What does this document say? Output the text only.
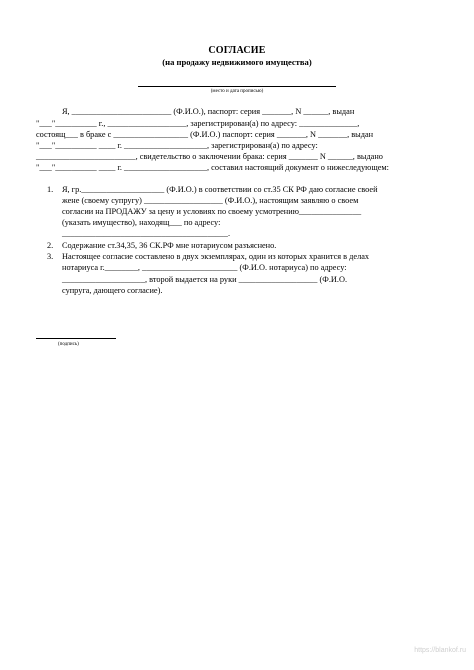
СОГЛАСИЕ
(на продажу недвижимого имущества)
(место и дата прописью)
Я, ________________________ (Ф.И.О.), паспорт: серия _______, N ______, выдан
"___"__________ г., ___________________, зарегистрирован(а) по адресу: ______________,
состоящ___ в браке с __________________ (Ф.И.О.) паспорт: серия _______, N _______, выдан
"___"__________ ____ г. ____________________, зарегистрирован(а) по адресу:
________________________, свидетельство о заключении брака: серия _______ N ______, выдано
"___"__________ ____ г. ____________________, составил настоящий документ о нижеследующем:
1. Я, гр.____________________ (Ф.И.О.) в соответствии со ст.35 СК РФ даю согласие своей
жене (своему супругу) ___________________ (Ф.И.О.), настоящим заявляю о своем
согласии на ПРОДАЖУ за цену и условиях по своему усмотрению_______________
(указать имущество), находящ___ по адресу:
________________________________________.
2. Содержание ст.34,35, 36 СК.РФ мне нотариусом разъяснено.
3. Настоящее согласие составлено в двух экземплярах, один из которых хранится в делах
нотариуса г.________, _______________________ (Ф.И.О. нотариуса) по адресу:
____________________, второй выдается на руки ___________________ (Ф.И.О.
супруга, дающего согласие).
(подпись)
https://blankof.ru
